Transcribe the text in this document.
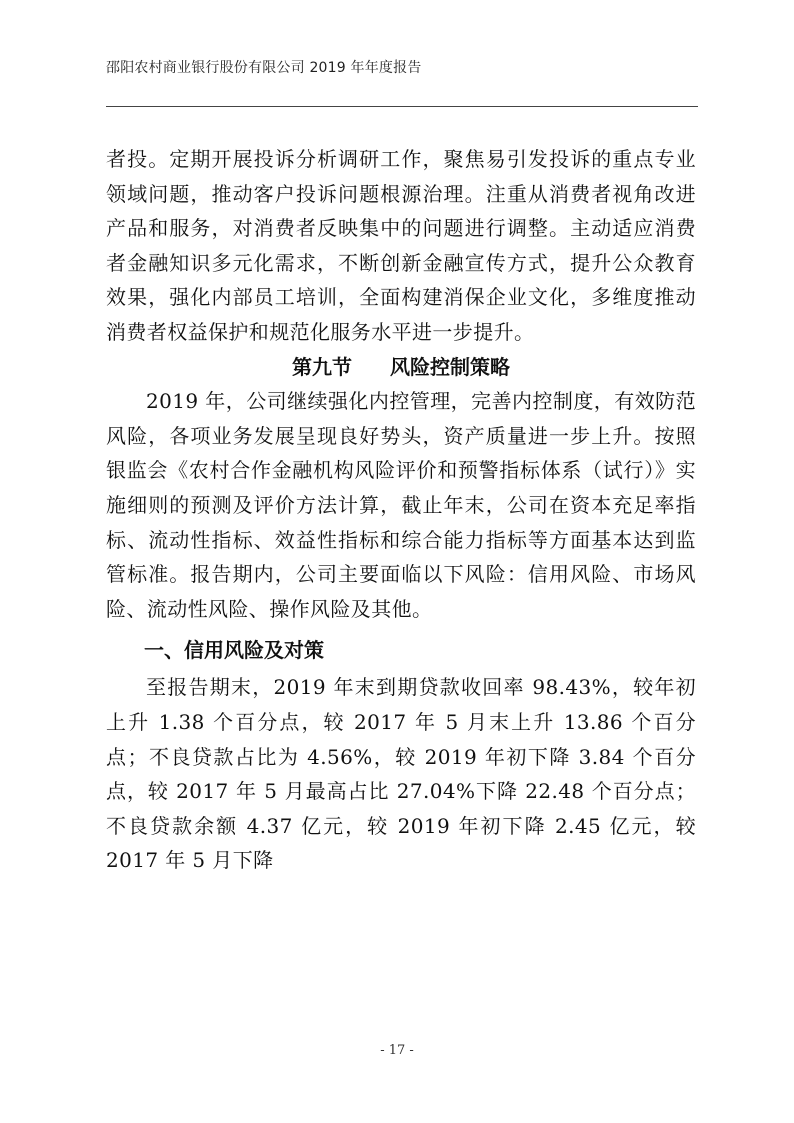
邵阳农村商业银行股份有限公司 2019 年年度报告

者投。定期开展投诉分析调研工作，聚焦易引发投诉的重点专业领域问题，推动客户投诉问题根源治理。注重从消费者视角改进产品和服务，对消费者反映集中的问题进行调整。主动适应消费者金融知识多元化需求，不断创新金融宣传方式，提升公众教育效果，强化内部员工培训，全面构建消保企业文化，多维度推动消费者权益保护和规范化服务水平进一步提升。

第九节 风险控制策略

2019 年，公司继续强化内控管理，完善内控制度，有效防范风险，各项业务发展呈现良好势头，资产质量进一步上升。按照银监会《农村合作金融机构风险评价和预警指标体系（试行）》实施细则的预测及评价方法计算，截止年末，公司在资本充足率指标、流动性指标、效益性指标和综合能力指标等方面基本达到监管标准。报告期内，公司主要面临以下风险：信用风险、市场风险、流动性风险、操作风险及其他。

一、信用风险及对策

至报告期末，2019 年末到期贷款收回率 98.43%，较年初上升 1.38 个百分点，较 2017 年 5 月末上升 13.86 个百分点；不良贷款占比为 4.56%，较 2019 年初下降 3.84 个百分点，较 2017 年 5 月最高占比 27.04%下降 22.48 个百分点；不良贷款余额 4.37 亿元，较 2019 年初下降 2.45 亿元，较 2017 年 5 月下降

- 17 -
